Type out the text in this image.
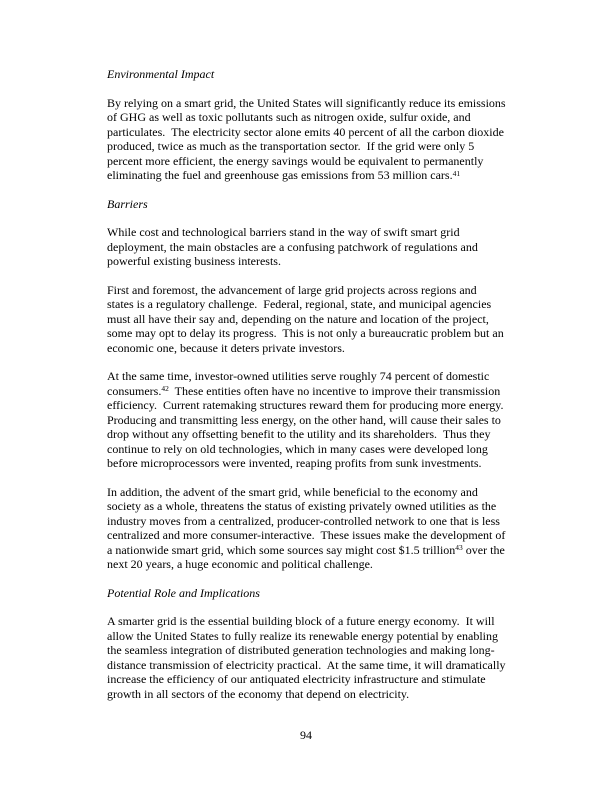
Environmental Impact

By relying on a smart grid, the United States will significantly reduce its emissions of GHG as well as toxic pollutants such as nitrogen oxide, sulfur oxide, and particulates.  The electricity sector alone emits 40 percent of all the carbon dioxide produced, twice as much as the transportation sector.  If the grid were only 5 percent more efficient, the energy savings would be equivalent to permanently eliminating the fuel and greenhouse gas emissions from 53 million cars.$^{41}$

Barriers

While cost and technological barriers stand in the way of swift smart grid deployment, the main obstacles are a confusing patchwork of regulations and powerful existing business interests.

First and foremost, the advancement of large grid projects across regions and states is a regulatory challenge.  Federal, regional, state, and municipal agencies must all have their say and, depending on the nature and location of the project, some may opt to delay its progress.  This is not only a bureaucratic problem but an economic one, because it deters private investors.

At the same time, investor-owned utilities serve roughly 74 percent of domestic consumers.$^{42}$  These entities often have no incentive to improve their transmission efficiency.  Current ratemaking structures reward them for producing more energy.  Producing and transmitting less energy, on the other hand, will cause their sales to drop without any offsetting benefit to the utility and its shareholders.  Thus they continue to rely on old technologies, which in many cases were developed long before microprocessors were invented, reaping profits from sunk investments.

In addition, the advent of the smart grid, while beneficial to the economy and society as a whole, threatens the status of existing privately owned utilities as the industry moves from a centralized, producer-controlled network to one that is less centralized and more consumer-interactive.  These issues make the development of a nationwide smart grid, which some sources say might cost $1.5 trillion$^{43}$ over the next 20 years, a huge economic and political challenge.

Potential Role and Implications

A smarter grid is the essential building block of a future energy economy.  It will allow the United States to fully realize its renewable energy potential by enabling the seamless integration of distributed generation technologies and making long-distance transmission of electricity practical.  At the same time, it will dramatically increase the efficiency of our antiquated electricity infrastructure and stimulate growth in all sectors of the economy that depend on electricity.

94
